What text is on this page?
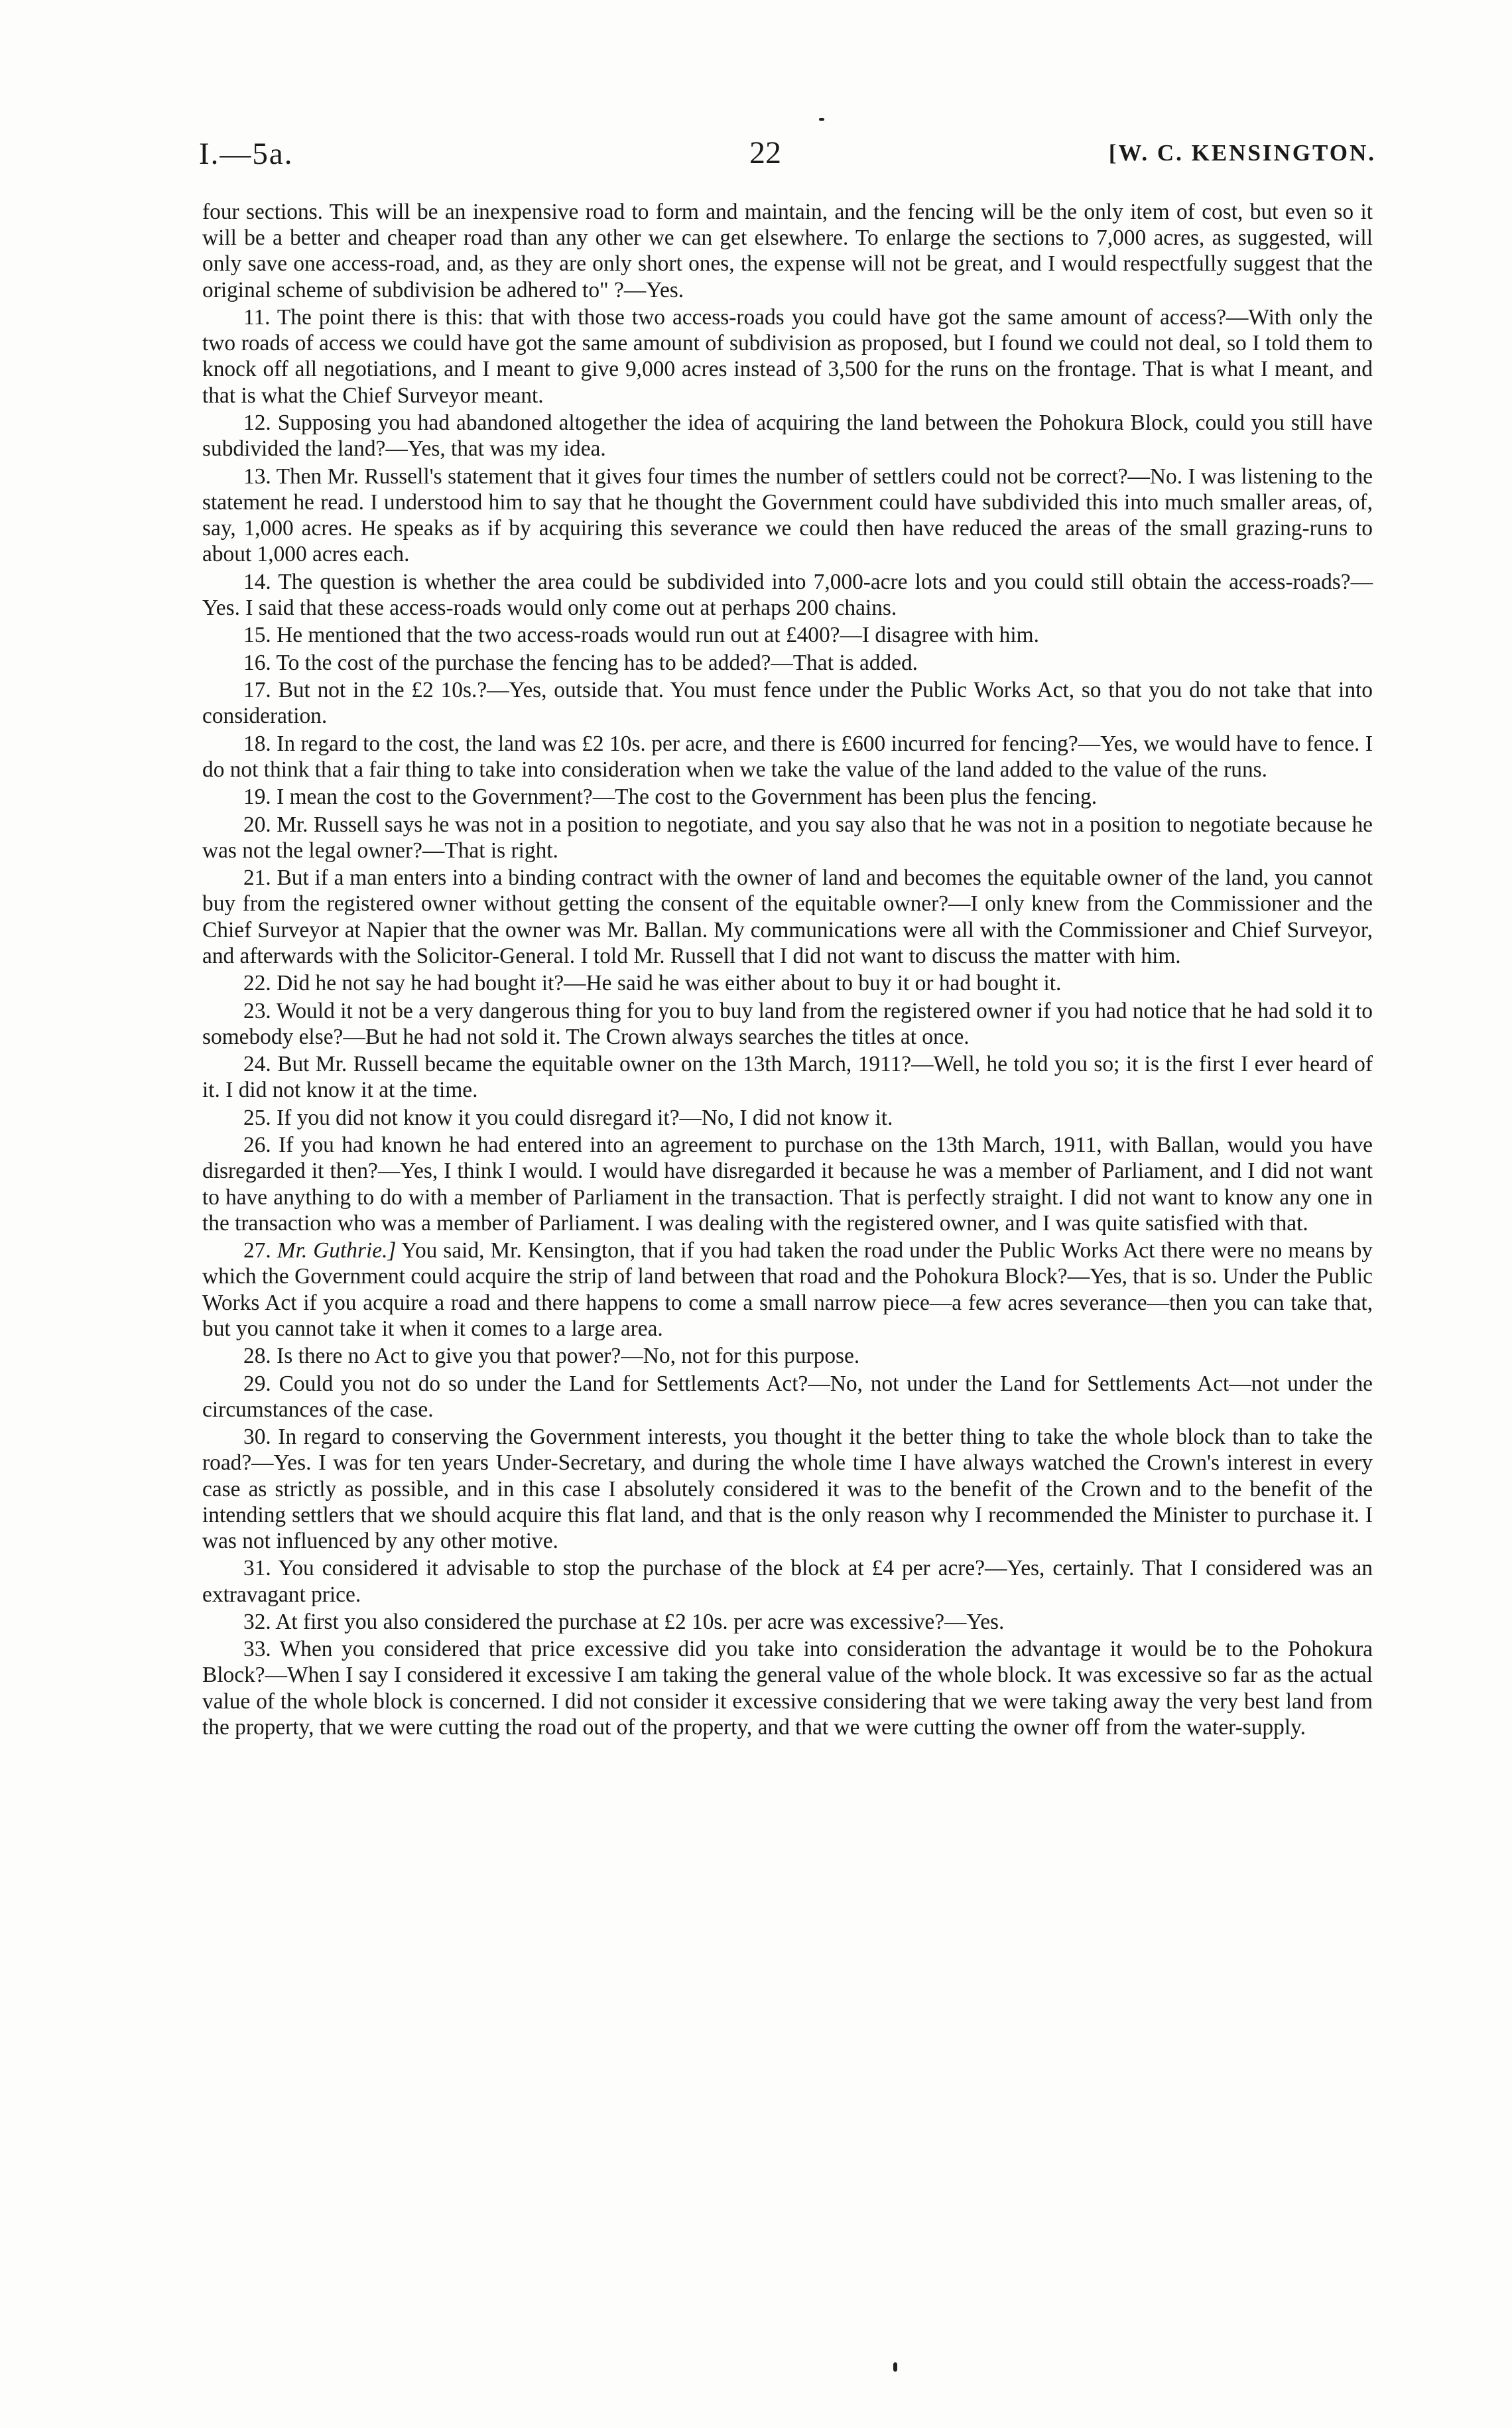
I.—5a.	22	[W. C. KENSINGTON.

four sections. This will be an inexpensive road to form and maintain, and the fencing will be the only item of cost, but even so it will be a better and cheaper road than any other we can get elsewhere. To enlarge the sections to 7,000 acres, as suggested, will only save one access-road, and, as they are only short ones, the expense will not be great, and I would respectfully suggest that the original scheme of subdivision be adhered to" ?—Yes.

11. The point there is this: that with those two access-roads you could have got the same amount of access?—With only the two roads of access we could have got the same amount of subdivision as proposed, but I found we could not deal, so I told them to knock off all negotiations, and I meant to give 9,000 acres instead of 3,500 for the runs on the frontage. That is what I meant, and that is what the Chief Surveyor meant.

12. Supposing you had abandoned altogether the idea of acquiring the land between the Pohokura Block, could you still have subdivided the land?—Yes, that was my idea.

13. Then Mr. Russell's statement that it gives four times the number of settlers could not be correct?—No. I was listening to the statement he read. I understood him to say that he thought the Government could have subdivided this into much smaller areas, of, say, 1,000 acres. He speaks as if by acquiring this severance we could then have reduced the areas of the small grazing-runs to about 1,000 acres each.

14. The question is whether the area could be subdivided into 7,000-acre lots and you could still obtain the access-roads?—Yes. I said that these access-roads would only come out at perhaps 200 chains.

15. He mentioned that the two access-roads would run out at £400?—I disagree with him.

16. To the cost of the purchase the fencing has to be added?—That is added.

17. But not in the £2 10s.?—Yes, outside that. You must fence under the Public Works Act, so that you do not take that into consideration.

18. In regard to the cost, the land was £2 10s. per acre, and there is £600 incurred for fencing?—Yes, we would have to fence. I do not think that a fair thing to take into consideration when we take the value of the land added to the value of the runs.

19. I mean the cost to the Government?—The cost to the Government has been plus the fencing.

20. Mr. Russell says he was not in a position to negotiate, and you say also that he was not in a position to negotiate because he was not the legal owner?—That is right.

21. But if a man enters into a binding contract with the owner of land and becomes the equitable owner of the land, you cannot buy from the registered owner without getting the consent of the equitable owner?—I only knew from the Commissioner and the Chief Surveyor at Napier that the owner was Mr. Ballan. My communications were all with the Commissioner and Chief Surveyor, and afterwards with the Solicitor-General. I told Mr. Russell that I did not want to discuss the matter with him.

22. Did he not say he had bought it?—He said he was either about to buy it or had bought it.

23. Would it not be a very dangerous thing for you to buy land from the registered owner if you had notice that he had sold it to somebody else?—But he had not sold it. The Crown always searches the titles at once.

24. But Mr. Russell became the equitable owner on the 13th March, 1911?—Well, he told you so; it is the first I ever heard of it. I did not know it at the time.

25. If you did not know it you could disregard it?—No, I did not know it.

26. If you had known he had entered into an agreement to purchase on the 13th March, 1911, with Ballan, would you have disregarded it then?—Yes, I think I would. I would have disregarded it because he was a member of Parliament, and I did not want to have anything to do with a member of Parliament in the transaction. That is perfectly straight. I did not want to know any one in the transaction who was a member of Parliament. I was dealing with the registered owner, and I was quite satisfied with that.

27. Mr. Guthrie.] You said, Mr. Kensington, that if you had taken the road under the Public Works Act there were no means by which the Government could acquire the strip of land between that road and the Pohokura Block?—Yes, that is so. Under the Public Works Act if you acquire a road and there happens to come a small narrow piece—a few acres severance—then you can take that, but you cannot take it when it comes to a large area.

28. Is there no Act to give you that power?—No, not for this purpose.

29. Could you not do so under the Land for Settlements Act?—No, not under the Land for Settlements Act—not under the circumstances of the case.

30. In regard to conserving the Government interests, you thought it the better thing to take the whole block than to take the road?—Yes. I was for ten years Under-Secretary, and during the whole time I have always watched the Crown's interest in every case as strictly as possible, and in this case I absolutely considered it was to the benefit of the Crown and to the benefit of the intending settlers that we should acquire this flat land, and that is the only reason why I recommended the Minister to purchase it. I was not influenced by any other motive.

31. You considered it advisable to stop the purchase of the block at £4 per acre?—Yes, certainly. That I considered was an extravagant price.

32. At first you also considered the purchase at £2 10s. per acre was excessive?—Yes.

33. When you considered that price excessive did you take into consideration the advantage it would be to the Pohokura Block?—When I say I considered it excessive I am taking the general value of the whole block. It was excessive so far as the actual value of the whole block is concerned. I did not consider it excessive considering that we were taking away the very best land from the property, that we were cutting the road out of the property, and that we were cutting the owner off from the water-supply.
